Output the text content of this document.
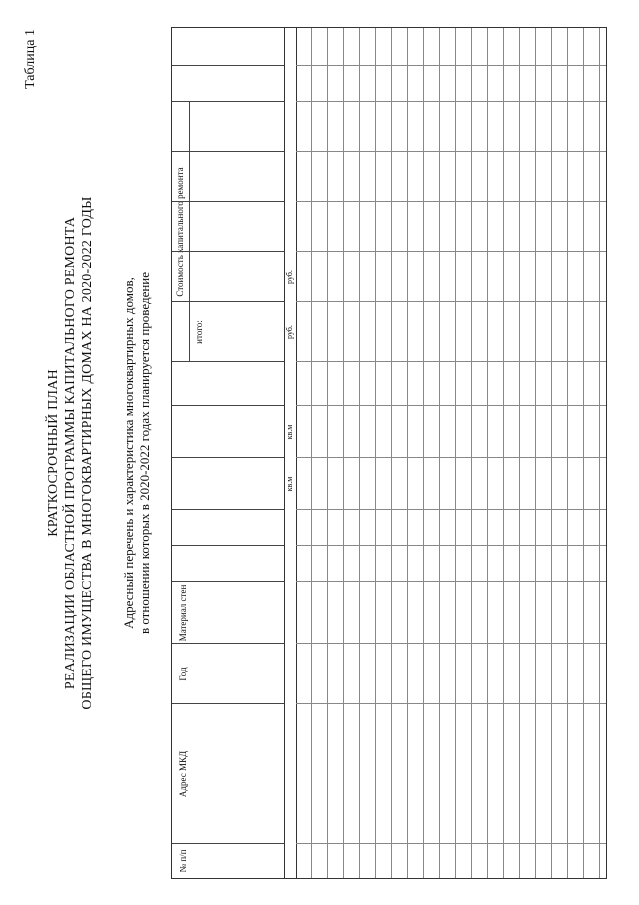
Таблица 1
КРАТКОСРОЧНЫЙ ПЛАН РЕАЛИЗАЦИИ ОБЛАСТНОЙ ПРОГРАММЫ КАПИТАЛЬНОГО РЕМОНТА ОБЩЕГО ИМУЩЕСТВА В МНОГОКВАРТИРНЫХ ДОМАХ НА 2020-2022 ГОДЫ Адресный перечень и характеристика многоквартирных домов, в отношении которых в 2020-2022 годах планируется проведение
№ п/п
Адрес МКД
Год
Материал стен
Стоимость капитального ремонта
итого:
кв.м
кв.м
руб.
руб.
